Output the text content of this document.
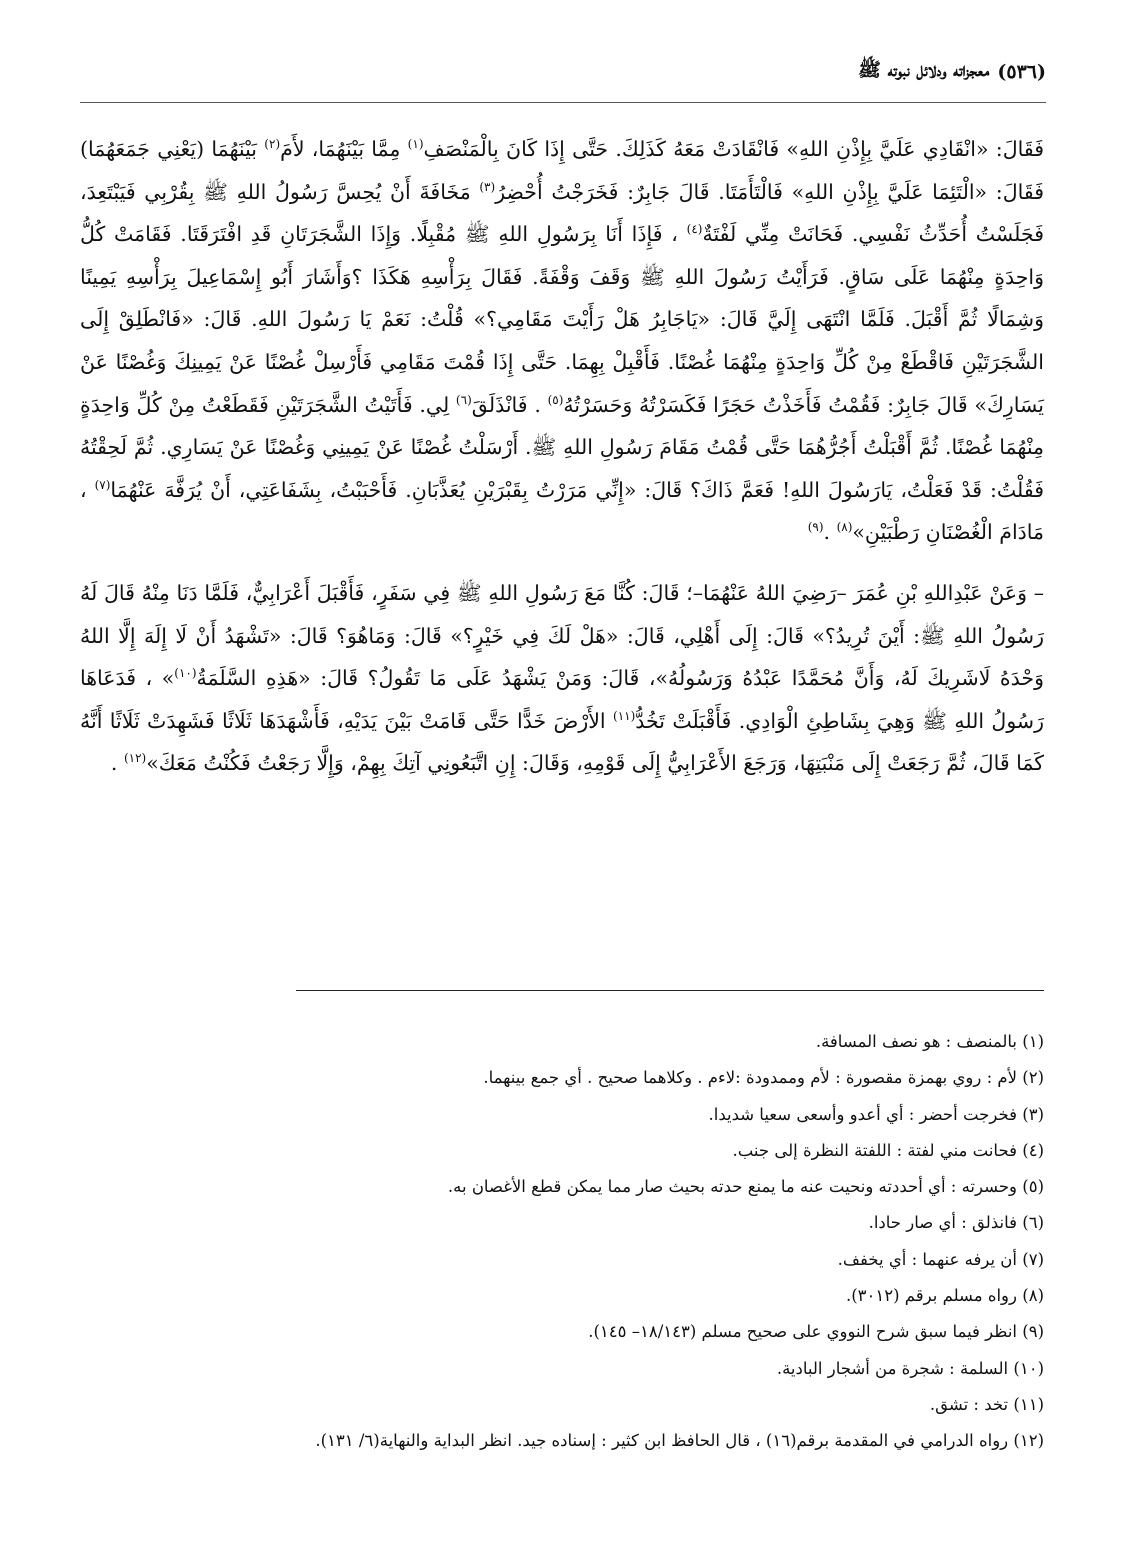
(٥٣٦)
معجزاته ودلائل نبوته ﷺ

فَقَالَ: «انْقَادِي عَلَيَّ بِإِذْنِ اللهِ» فَانْقَادَتْ مَعَهُ كَذَلِكَ. حَتَّى إِذَا كَانَ بِالْمَنْصَفِ$^{(١)}$ مِمَّا بَيْنَهُمَا، لأَمَ$^{(٢)}$ بَيْنَهُمَا (يَعْنِي جَمَعَهُمَا) فَقَالَ: «الْتَئِمَا عَلَيَّ بِإِذْنِ اللهِ» فَالْتَأَمَتَا. قَالَ جَابِرٌ: فَخَرَجْتُ أُحْضِرُ$^{(٣)}$ مَخَافَةَ أَنْ يُحِسَّ رَسُولُ اللهِ ﷺ بِقُرْبِي فَيَبْتَعِدَ، فَجَلَسْتُ أُحَدِّثُ نَفْسِي. فَحَانَتْ مِنِّي لَفْتَةٌ$^{(٤)}$ ، فَإِذَا أَنَا بِرَسُولِ اللهِ ﷺ مُقْبِلًا. وَإِذَا الشَّجَرَتَانِ قَدِ افْتَرَقَتَا. فَقَامَتْ كُلُّ وَاحِدَةٍ مِنْهُمَا عَلَى سَاقٍ. فَرَأَيْتُ رَسُولَ اللهِ ﷺ وَقَفَ وَقْفَةً. فَقَالَ بِرَأْسِهِ هَكَذَا ؟وَأَشَارَ أَبُو إِسْمَاعِيلَ بِرَأْسِهِ يَمِينًا وَشِمَالًا ثُمَّ أَقْبَلَ. فَلَمَّا انْتَهَى إِلَيَّ قَالَ: «يَاجَابِرُ هَلْ رَأَيْتَ مَقَامِي؟» قُلْتُ: نَعَمْ يَا رَسُولَ اللهِ. قَالَ: «فَانْطَلِقْ إِلَى الشَّجَرَتَيْنِ فَاقْطَعْ مِنْ كُلِّ وَاحِدَةٍ مِنْهُمَا غُصْنًا. فَأَقْبِلْ بِهِمَا. حَتَّى إِذَا قُمْتَ مَقَامِي فَأَرْسِلْ غُصْنًا عَنْ يَمِينِكَ وَغُصْنًا عَنْ يَسَارِكَ» قَالَ جَابِرٌ: فَقُمْتُ فَأَخَذْتُ حَجَرًا فَكَسَرْتُهُ وَحَسَرْتُهُ$^{(٥)}$ . فَانْذَلَقَ$^{(٦)}$ لِي. فَأَتَيْتُ الشَّجَرَتَيْنِ فَقَطَعْتُ مِنْ كُلِّ وَاحِدَةٍ مِنْهُمَا غُصْنًا. ثُمَّ أَقْبَلْتُ أَجُرُّهُمَا حَتَّى قُمْتُ مَقَامَ رَسُولِ اللهِ ﷺ. أَرْسَلْتُ غُصْنًا عَنْ يَمِينِي وَغُصْنًا عَنْ يَسَارِي. ثُمَّ لَحِقْتُهُ فَقُلْتُ: قَدْ فَعَلْتُ، يَارَسُولَ اللهِ! فَعَمَّ ذَاكَ؟ قَالَ: «إِنِّي مَرَرْتُ بِقَبْرَيْنِ يُعَذَّبَانِ. فَأَحْبَبْتُ، بِشَفَاعَتِي، أَنْ يُرَفَّهَ عَنْهُمَا$^{(٧)}$ ، مَادَامَ الْغُصْنَانِ رَطْبَيْنِ»$^{(٨)}$ .$^{(٩)}$

– وَعَنْ عَبْدِاللهِ بْنِ عُمَرَ –رَضِيَ اللهُ عَنْهُمَا–؛ قَالَ: كُنَّا مَعَ رَسُولِ اللهِ ﷺ فِي سَفَرٍ، فَأَقْبَلَ أَعْرَابِيٌّ، فَلَمَّا دَنَا مِنْهُ قَالَ لَهُ رَسُولُ اللهِ ﷺ: أَيْنَ تُرِيدُ؟» قَالَ: إِلَى أَهْلِي، قَالَ: «هَلْ لَكَ فِي خَيْرٍ؟» قَالَ: وَمَاهُوَ؟ قَالَ: «تَشْهَدُ أَنْ لَا إِلَهَ إِلَّا اللهُ وَحْدَهُ لَاشَرِيكَ لَهُ، وَأَنَّ مُحَمَّدًا عَبْدُهُ وَرَسُولُهُ»، قَالَ: وَمَنْ يَشْهَدُ عَلَى مَا تَقُولُ؟ قَالَ: «هَذِهِ السَّلَمَةُ$^{(١٠)}$» ، فَدَعَاهَا رَسُولُ اللهِ ﷺ وَهِيَ بِشَاطِئِ الْوَادِي. فَأَقْبَلَتْ تَخُدُّ$^{(١١)}$ الأَرْضَ خَدًّا حَتَّى قَامَتْ بَيْنَ يَدَيْهِ، فَأَشْهَدَهَا ثَلَاثًا فَشَهِدَتْ ثَلَاثًا أَنَّهُ كَمَا قَالَ، ثُمَّ رَجَعَتْ إِلَى مَنْبَتِهَا، وَرَجَعَ الأَعْرَابِيُّ إِلَى قَوْمِهِ، وَقَالَ: إِنِ اتَّبَعُونِي آتِكَ بِهِمْ، وَإِلَّا رَجَعْتُ فَكُنْتُ مَعَكَ»$^{(١٢)}$ .

(١) بالمنصف : هو نصف المسافة.
(٢) لأم : روي بهمزة مقصورة : لأم وممدودة :لاءم . وكلاهما صحيح . أي جمع بينهما.
(٣) فخرجت أحضر : أي أعدو وأسعى سعيا شديدا.
(٤) فحانت مني لفتة : اللفتة النظرة إلى جنب.
(٥) وحسرته : أي أحددته ونحيت عنه ما يمنع حدته بحيث صار مما يمكن قطع الأغصان به.
(٦) فانذلق : أي صار حادا.
(٧) أن يرفه عنهما : أي يخفف.
(٨) رواه مسلم برقم (٣٠١٢).
(٩) انظر فيما سبق شرح النووي على صحيح مسلم (١٨/١٤٣– ١٤٥).
(١٠) السلمة : شجرة من أشجار البادية.
(١١) تخد : تشق.
(١٢) رواه الدرامي في المقدمة برقم(١٦) ، قال الحافظ ابن كثير : إسناده جيد. انظر البداية والنهاية(٦/ ١٣١).
